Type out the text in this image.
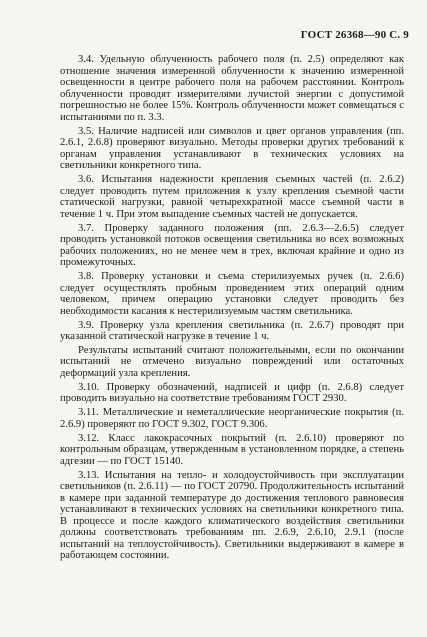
ГОСТ 26368—90 С. 9

3.4. Удельную облученность рабочего поля (п. 2.5) определяют как отношение значения измеренной облученности к значению измеренной освещенности в центре рабочего поля на рабочем расстоянии. Контроль облученности проводят измерителями лучистой энергии с допустимой погрешностью не более 15%. Контроль облученности может совмещаться с испытаниями по п. 3.3.

3.5. Наличие надписей или символов и цвет органов управления (пп. 2.6.1, 2.6.8) проверяют визуально. Методы проверки других требований к органам управления устанавливают в технических условиях на светильники конкретного типа.

3.6. Испытания надежности крепления съемных частей (п. 2.6.2) следует проводить путем приложения к узлу крепления съемной части статической нагрузки, равной четырехкратной массе съемной части в течение 1 ч. При этом выпадение съемных частей не допускается.

3.7. Проверку заданного положения (пп. 2.6.3—2.6.5) следует проводить установкой потоков освещения светильника во всех возможных рабочих положениях, но не менее чем в трех, включая крайние и одно из промежуточных.

3.8. Проверку установки и съема стерилизуемых ручек (п. 2.6.6) следует осуществлять пробным проведением этих операций одним человеком, причем операцию установки следует проводить без необходимости касания к нестерилизуемым частям светильника.

3.9. Проверку узла крепления светильника (п. 2.6.7) проводят при указанной статической нагрузке в течение 1 ч.

Результаты испытаний считают положительными, если по окончании испытаний не отмечено визуально повреждений или остаточных деформаций узла крепления.

3.10. Проверку обозначений, надписей и цифр (п. 2.6.8) следует проводить визуально на соответствие требованиям ГОСТ 2930.

3.11. Металлические и неметаллические неорганические покрытия (п. 2.6.9) проверяют по ГОСТ 9.302, ГОСТ 9.306.

3.12. Класс лакокрасочных покрытий (п. 2.6.10) проверяют по контрольным образцам, утвержденным в установленном порядке, а степень адгезии — по ГОСТ 15140.

3.13. Испытания на тепло- и холодоустойчивость при эксплуатации светильников (п. 2.6.11) — по ГОСТ 20790. Продолжительность испытаний в камере при заданной температуре до достижения теплового равновесия устанавливают в технических условиях на светильники конкретного типа. В процессе и после каждого климатического воздействия светильники должны соответствовать требованиям пп. 2.6.9, 2.6.10, 2.9.1 (после испытаний на теплоустойчивость). Светильники выдерживают в камере в работающем состоянии.
